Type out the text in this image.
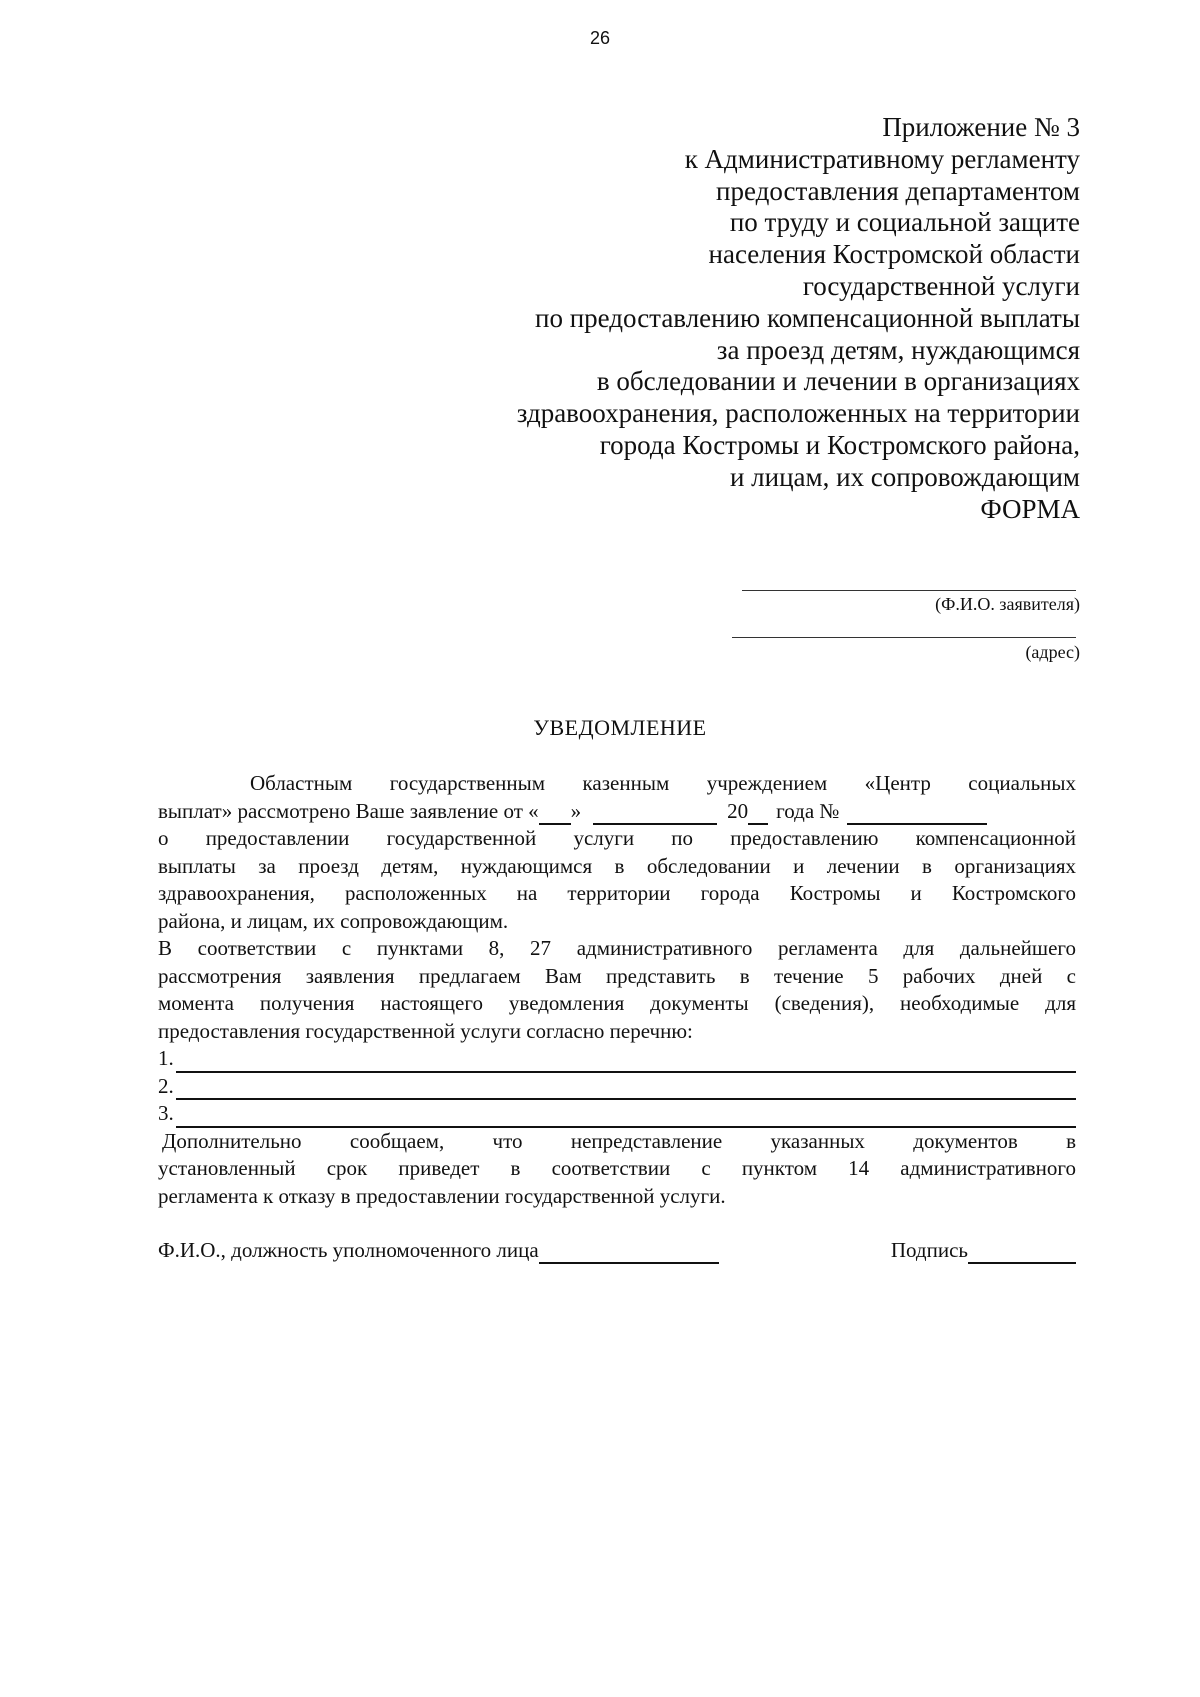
26
Приложение № 3
к Административному регламенту
предоставления департаментом
по труду и социальной защите
населения Костромской области
государственной услуги
по предоставлению компенсационной выплаты
за проезд детям, нуждающимся
в обследовании и лечении в организациях
здравоохранения, расположенных на территории
города Костромы и Костромского района,
и лицам, их сопровождающим
ФОРМА
(Ф.И.О. заявителя)
(адрес)
УВЕДОМЛЕНИЕ
Областным государственным казенным учреждением «Центр социальных
выплат» рассмотрено Ваше заявление от « »	20 года №
о предоставлении государственной услуги по предоставлению компенсационной
выплаты за проезд детям, нуждающимся в обследовании и лечении в организациях
здравоохранения, расположенных на территории города Костромы и Костромского
района, и лицам, их сопровождающим.
В соответствии с пунктами 8, 27 административного регламента для дальнейшего
рассмотрения заявления предлагаем Вам представить в течение 5 рабочих дней с
момента получения настоящего уведомления документы (сведения), необходимые для
предоставления государственной услуги согласно перечню:
1.
2.
3.
Дополнительно сообщаем, что непредставление указанных документов в
установленный срок приведет в соответствии с пунктом 14 административного
регламента к отказу в предоставлении государственной услуги.
Ф.И.О., должность уполномоченного лица	Подпись
